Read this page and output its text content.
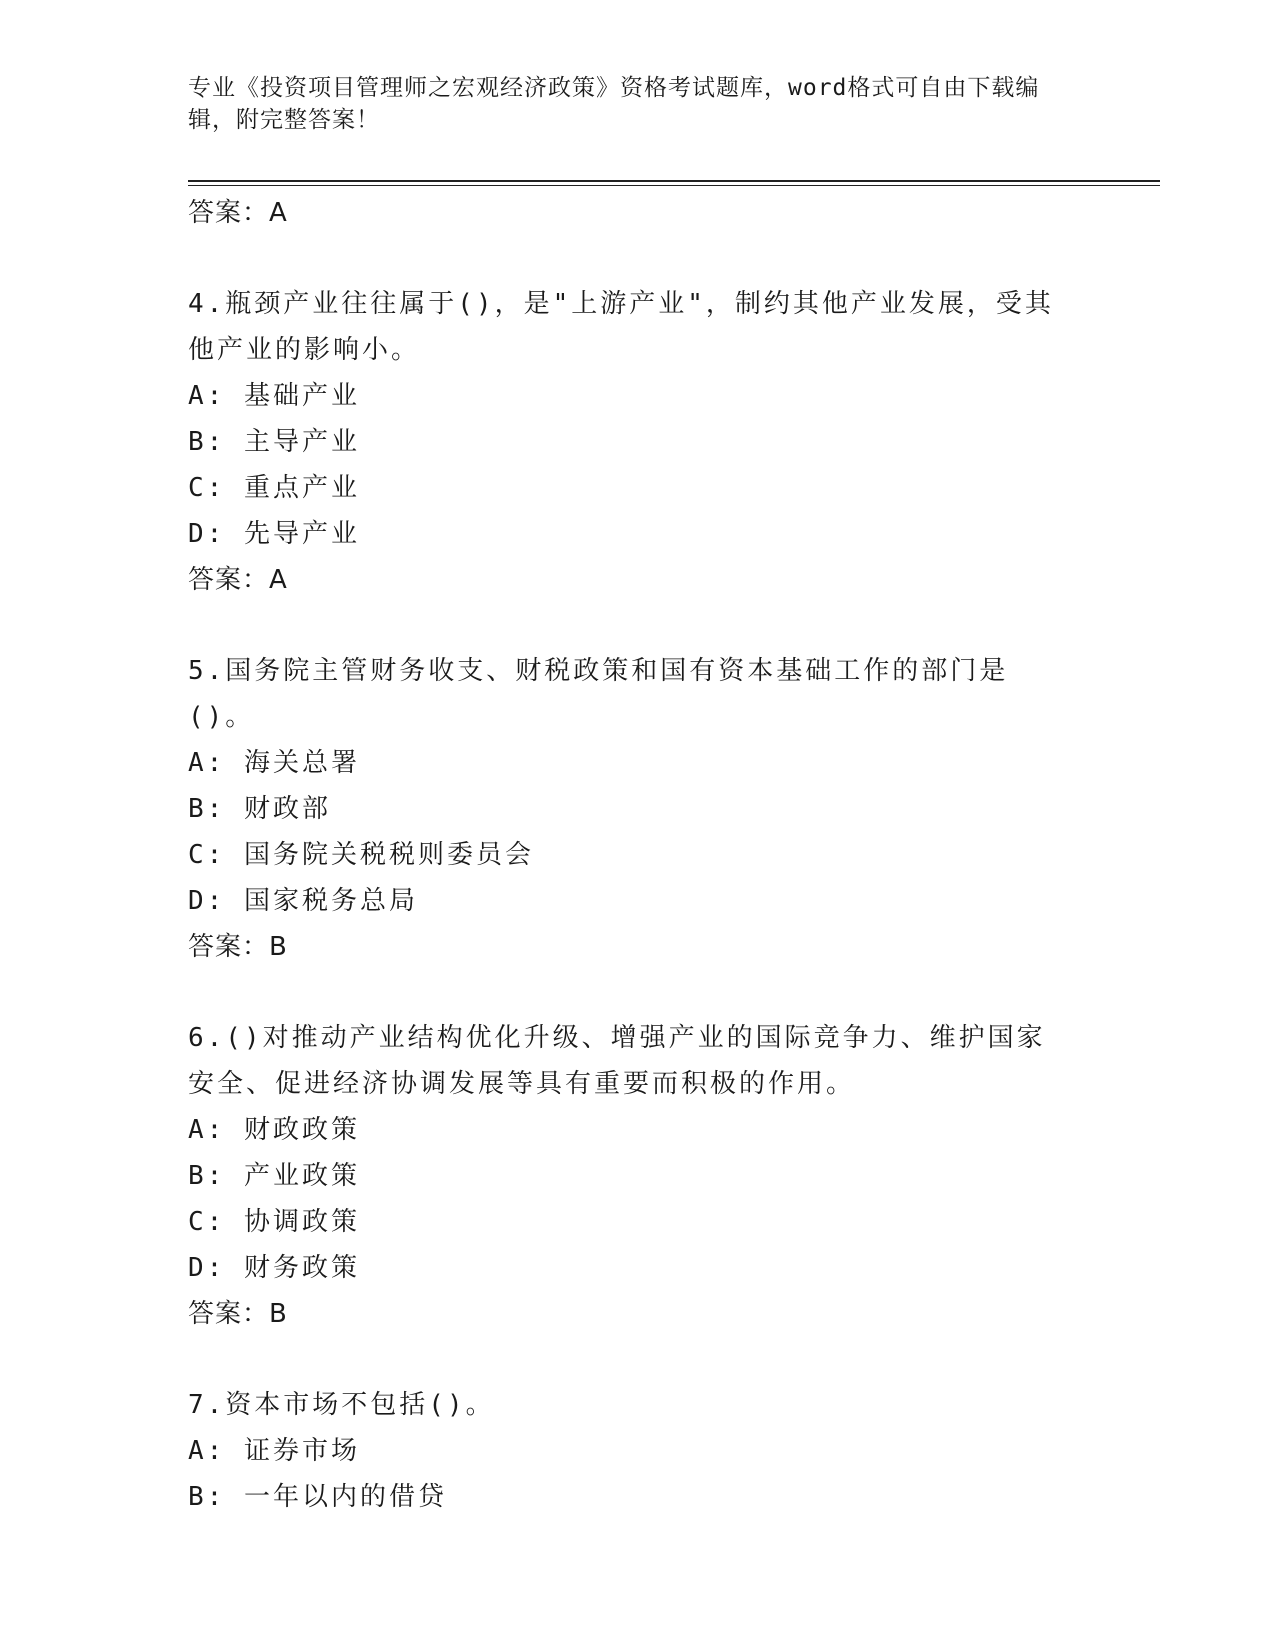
专业《投资项目管理师之宏观经济政策》资格考试题库，word格式可自由下载编辑，附完整答案！
答案：A
4.瓶颈产业往往属于()，是"上游产业"，制约其他产业发展，受其他产业的影响小。
A: 基础产业
B: 主导产业
C: 重点产业
D: 先导产业
答案：A
5.国务院主管财务收支、财税政策和国有资本基础工作的部门是()。
A: 海关总署
B: 财政部
C: 国务院关税税则委员会
D: 国家税务总局
答案：B
6.()对推动产业结构优化升级、增强产业的国际竞争力、维护国家安全、促进经济协调发展等具有重要而积极的作用。
A: 财政政策
B: 产业政策
C: 协调政策
D: 财务政策
答案：B
7.资本市场不包括()。
A: 证券市场
B: 一年以内的借贷
